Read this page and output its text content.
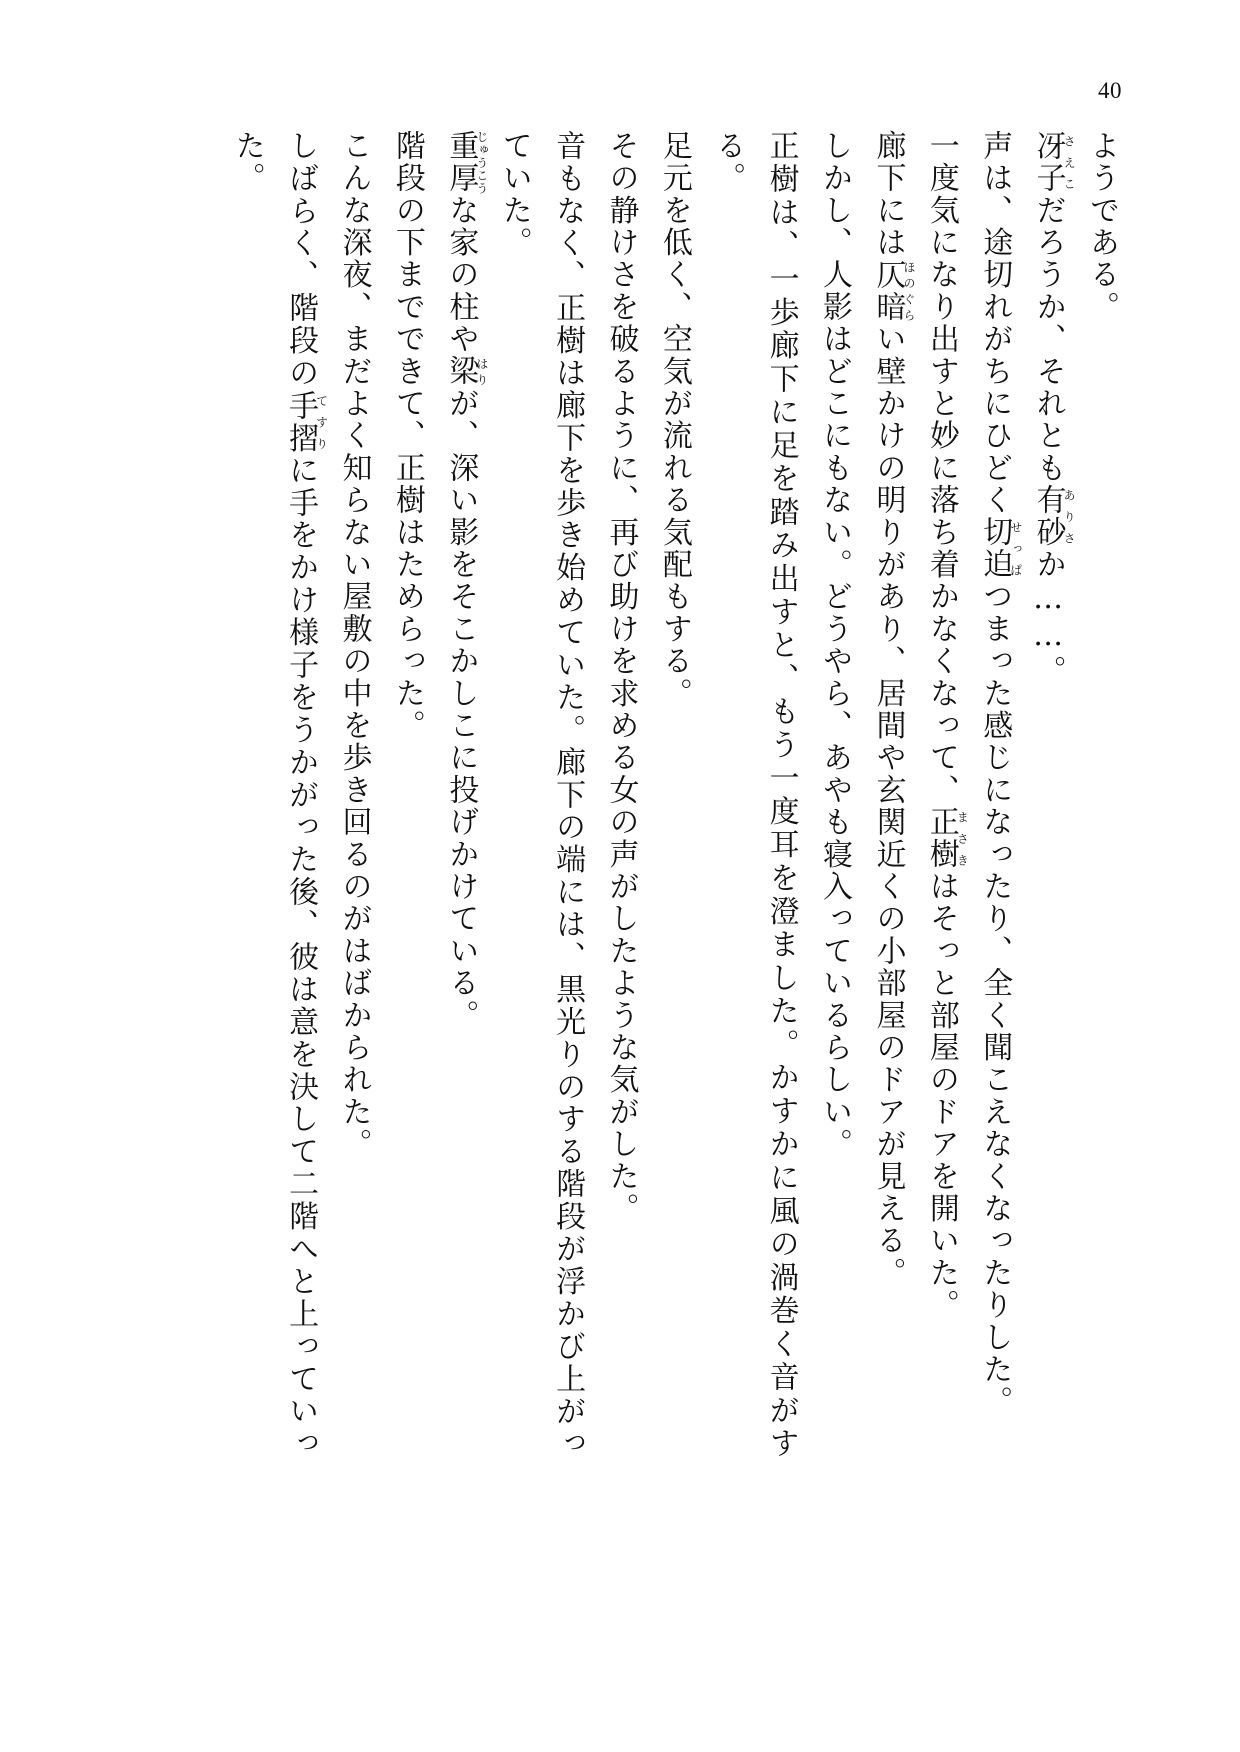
40

ようである。
冴子さえこだろうか、それとも有砂ありさか……。
声は、途切れがちにひどく切迫せっぱつまった感じになったり、全く聞こえなくなったりした。
一度気になり出すと妙に落ち着かなくなって、正樹まさきはそっと部屋のドアを開いた。
廊下には仄暗ほのぐらい壁かけの明りがあり、居間や玄関近くの小部屋のドアが見える。
しかし、人影はどこにもない。どうやら、あやも寝入っているらしい。
正樹は、一歩廊下に足を踏み出すと、もう一度耳を澄ました。かすかに風の渦巻く音がする。
足元を低く、空気が流れる気配もする。
その静けさを破るように、再び助けを求める女の声がしたような気がした。
音もなく、正樹は廊下を歩き始めていた。廊下の端には、黒光りのする階段が浮かび上がっていた。
重厚じゅうこうな家の柱や梁はりが、深い影をそこかしこに投げかけている。
階段の下までできて、正樹はためらった。
こんな深夜、まだよく知らない屋敷の中を歩き回るのがはばかられた。
しばらく、階段の手摺てすりに手をかけ様子をうかがった後、彼は意を決して二階へと上っていった。
